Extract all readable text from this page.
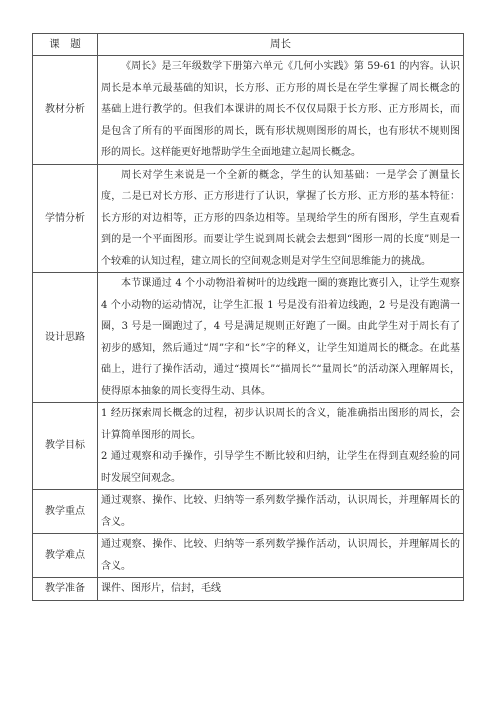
课　题	周长
教材分析	《周长》是三年级数学下册第六单元《几何小实践》第 59-61 的内容。认识周长是本单元最基础的知识，长方形、正方形的周长是在学生掌握了周长概念的基础上进行教学的。但我们本课讲的周长不仅仅局限于长方形、正方形周长，而是包含了所有的平面图形的周长，既有形状规则图形的周长，也有形状不规则图形的周长。这样能更好地帮助学生全面地建立起周长概念。

学情分析	周长对学生来说是一个全新的概念，学生的认知基础：一是学会了测量长度，二是已对长方形、正方形进行了认识，掌握了长方形、正方形的基本特征：长方形的对边相等，正方形的四条边相等。呈现给学生的所有图形，学生直观看到的是一个平面图形。而要让学生说到周长就会去想到“图形一周的长度”则是一个较难的认知过程，建立周长的空间观念则是对学生空间思维能力的挑战。

设计思路	本节课通过 4 个小动物沿着树叶的边线跑一圈的赛跑比赛引入，让学生观察 4 个小动物的运动情况，让学生汇报 1 号是没有沿着边线跑，2 号是没有跑满一圈，3 号是一圈跑过了，4 号是满足规则正好跑了一圈。由此学生对于周长有了初步的感知，然后通过“周”字和“长”字的释义，让学生知道周长的概念。在此基础上，进行了操作活动，通过“摸周长”“描周长”“量周长”的活动深入理解周长，使得原本抽象的周长变得生动、具体。

教学目标	1 经历探索周长概念的过程，初步认识周长的含义，能准确指出图形的周长，会计算简单图形的周长。

2 通过观察和动手操作，引导学生不断比较和归纳，让学生在得到直观经验的同时发展空间观念。

教学重点	通过观察、操作、比较、归纳等一系列数学操作活动，认识周长，并理解周长的含义。

教学难点	通过观察、操作、比较、归纳等一系列数学操作活动，认识周长，并理解周长的含义。

教学准备	课件、图形片，信封，毛线
